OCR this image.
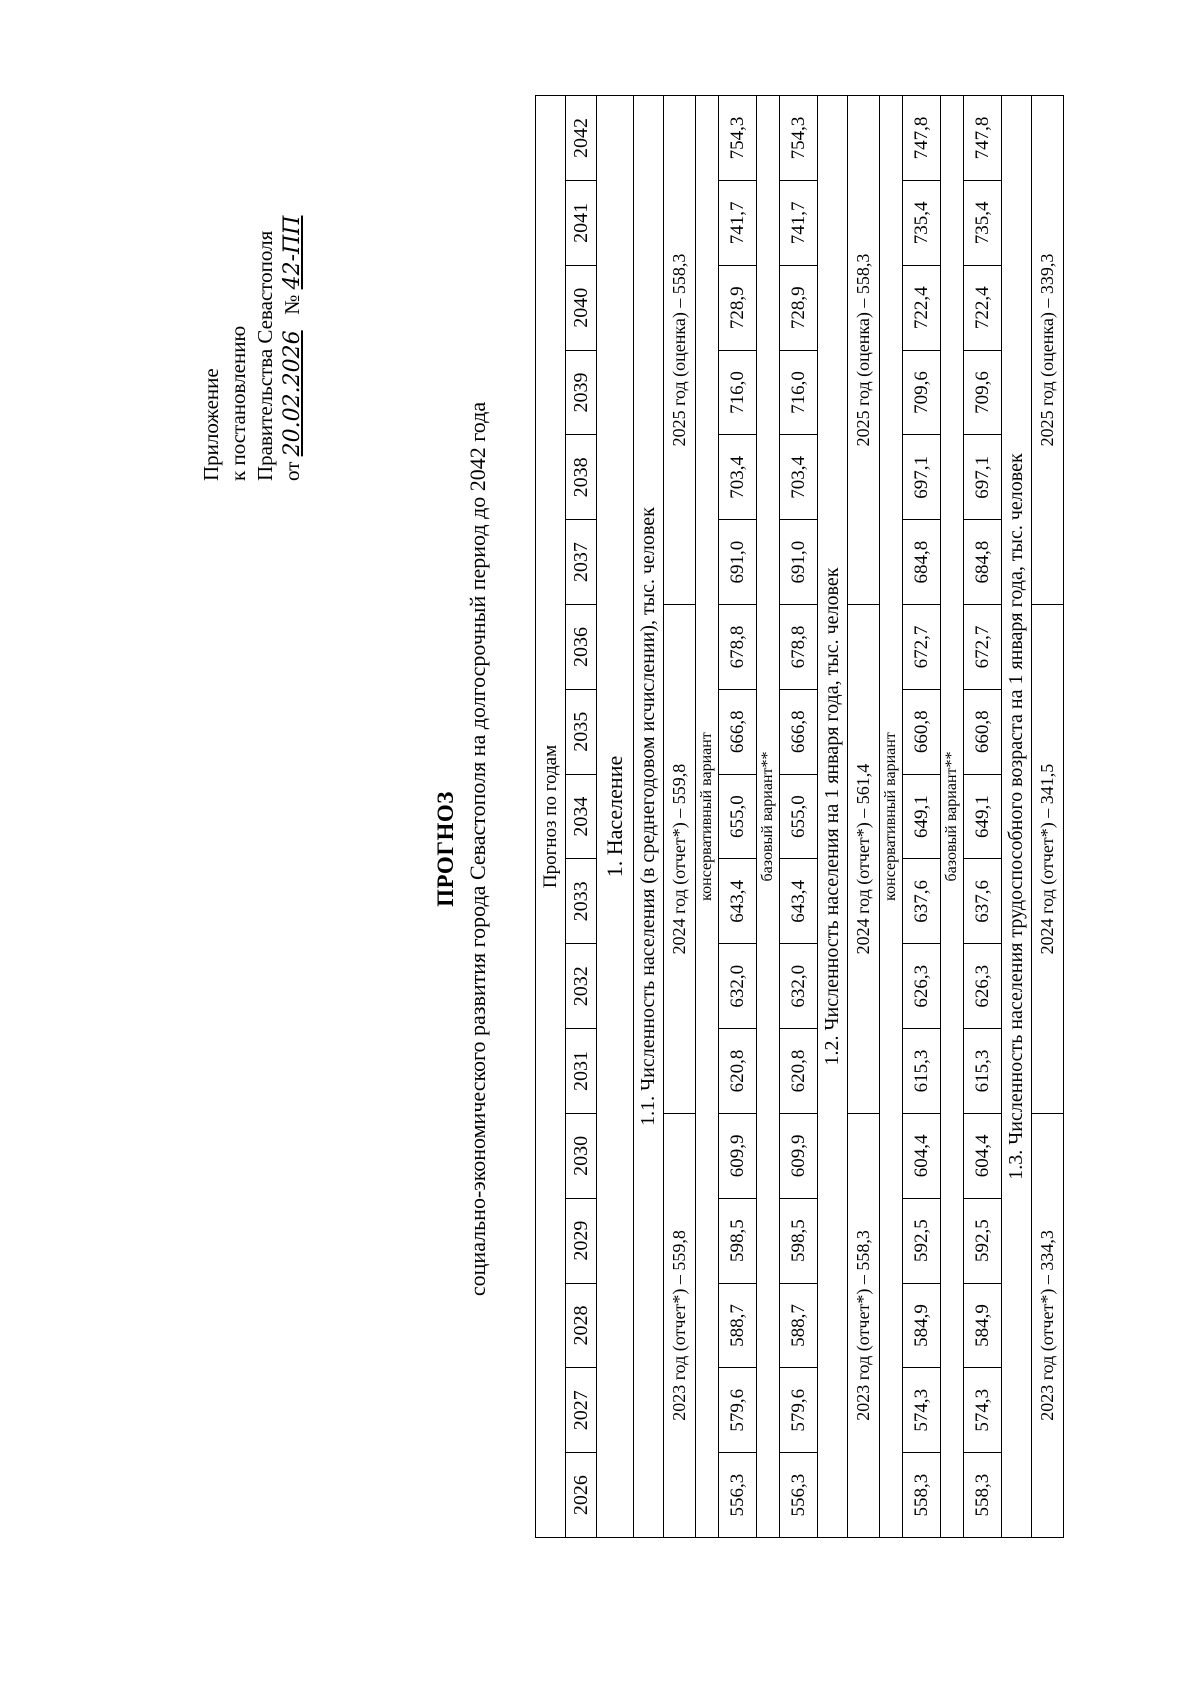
Приложение к постановлению Правительства Севастополя от 20.02.2026   № 42-ПП
ПРОГНОЗ социально-экономического развития города Севастополя на долгосрочный период до 2042 года	Прогноз по годам																
2026	2027	2028	2029	2030	2031	2032	2033	2034	2035	2036	2037	2038	2039	2040	2041	2042
1. Население																
1.1. Численность населения (в среднегодовом исчислении), тыс. человек																
2023 год (отчет*) – 559,8					2024 год (отчет*) – 559,8						2025 год (оценка) – 558,3					
консервативный вариант																
556,3	579,6	588,7	598,5	609,9	620,8	632,0	643,4	655,0	666,8	678,8	691,0	703,4	716,0	728,9	741,7	754,3
базовый вариант**																
556,3	579,6	588,7	598,5	609,9	620,8	632,0	643,4	655,0	666,8	678,8	691,0	703,4	716,0	728,9	741,7	754,3
1.2. Численность населения на 1 января года, тыс. человек																
2023 год (отчет*) – 558,3					2024 год (отчет*) – 561,4						2025 год (оценка) – 558,3					
консервативный вариант																
558,3	574,3	584,9	592,5	604,4	615,3	626,3	637,6	649,1	660,8	672,7	684,8	697,1	709,6	722,4	735,4	747,8
базовый вариант**																
558,3	574,3	584,9	592,5	604,4	615,3	626,3	637,6	649,1	660,8	672,7	684,8	697,1	709,6	722,4	735,4	747,8
1.3. Численность населения трудоспособного возраста на 1 января года, тыс. человек																
2023 год (отчет*) – 334,3					2024 год (отчет*) – 341,5						2025 год (оценка) – 339,3					
